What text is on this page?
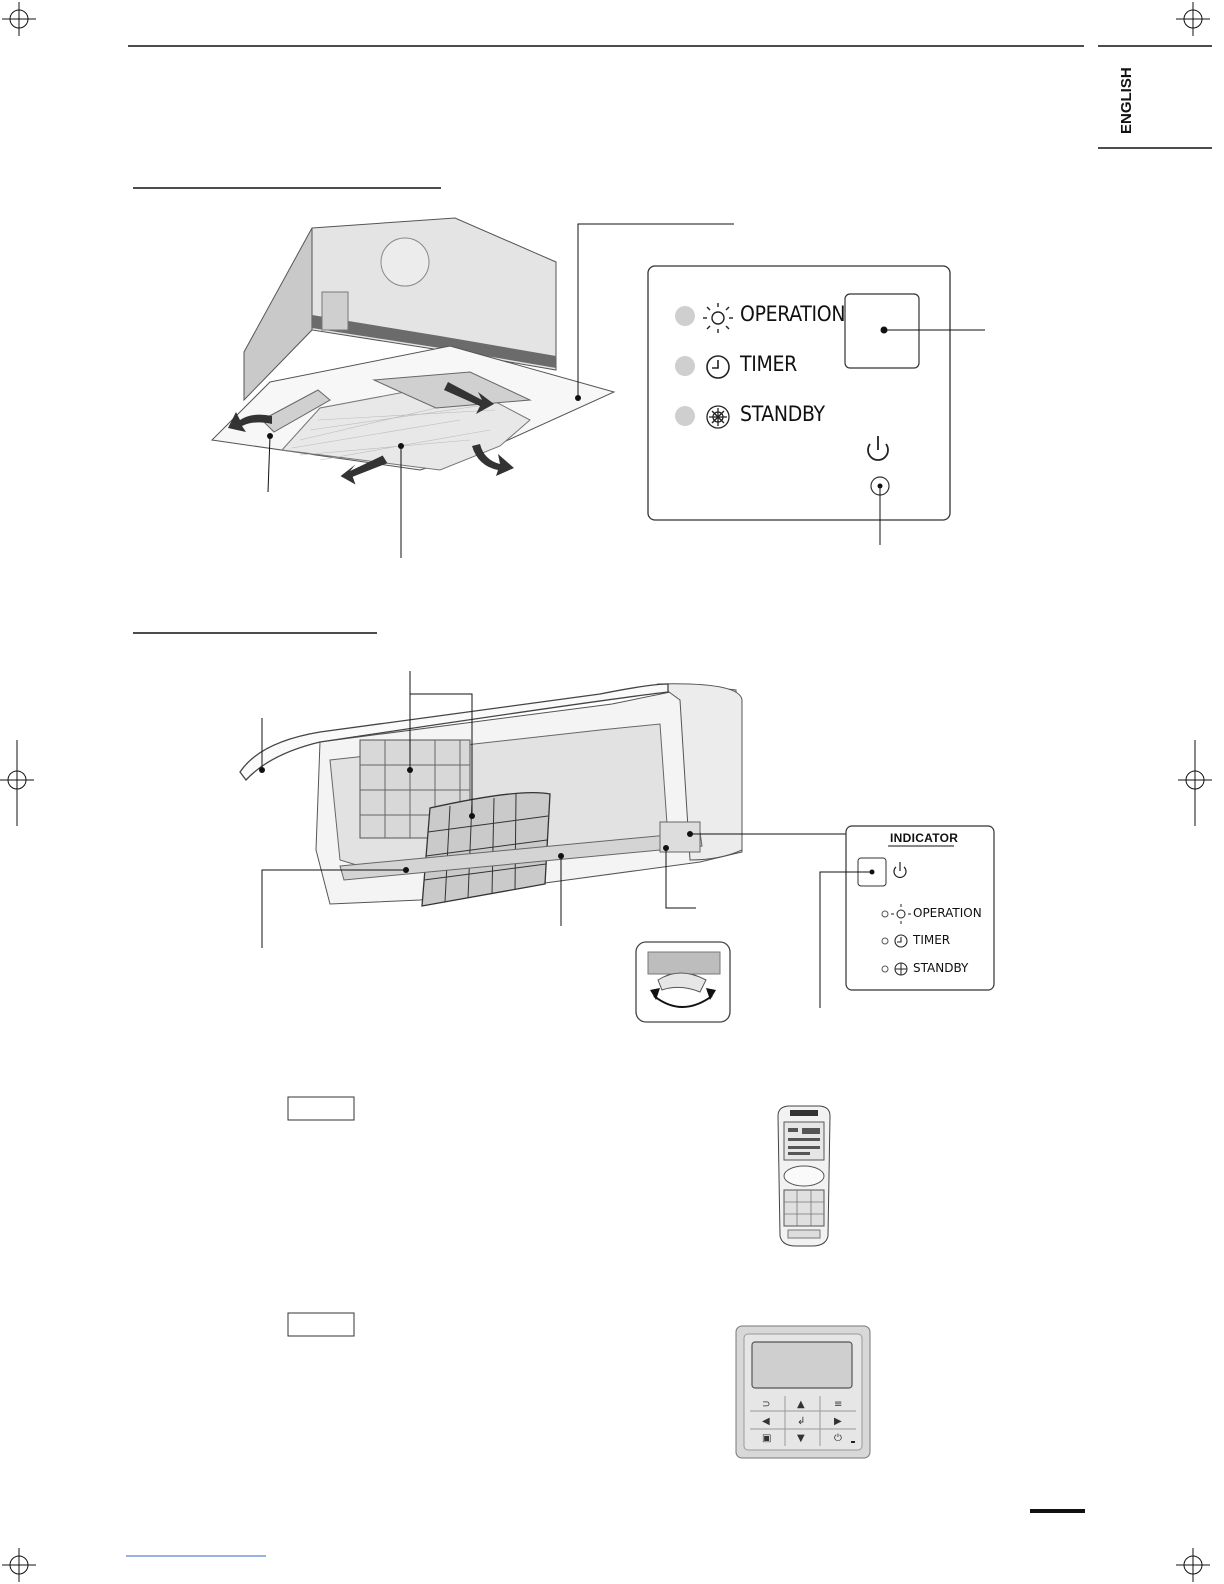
⊃	▲	≡
◀	↲	▶
▣	▼	⏻
ENGLISH
OPERATION
TIMER
STANDBY
INDICATOR
OPERATION
TIMER
STANDBY
